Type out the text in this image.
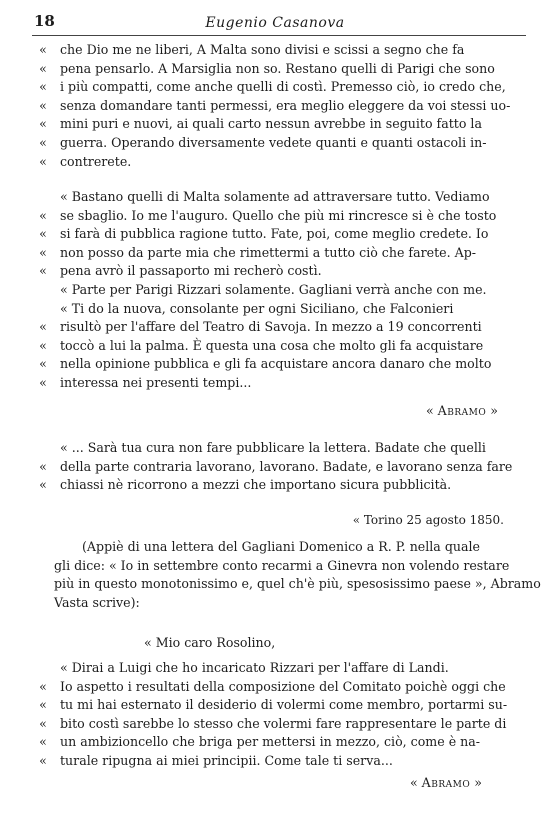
18	Eugenio Casanova
«	che Dio me ne liberi, A Malta sono divisi e scissi a segno che fa
«	pena pensarlo. A Marsiglia non so. Restano quelli di Parigi che sono
«	i più compatti, come anche quelli di costì. Premesso ciò, io credo che,
«	senza domandare tanti permessi, era meglio eleggere da voi stessi uo-
«	mini puri e nuovi, ai quali carto nessun avrebbe in seguito fatto la
«	guerra. Operando diversamente vedete quanti e quanti ostacoli in-
«	contrerete.
« Bastano quelli di Malta solamente ad attraversare tutto. Vediamo
«	se sbaglio. Io me l'auguro. Quello che più mi rincresce si è che tosto
«	si farà di pubblica ragione tutto. Fate, poi, come meglio credete. Io
«	non posso da parte mia che rimettermi a tutto ciò che farete. Ap-
«	pena avrò il passaporto mi recherò costì.
« Parte per Parigi Rizzari solamente. Gagliani verrà anche con me.
« Ti do la nuova, consolante per ogni Siciliano, che Falconieri
«	risultò per l'affare del Teatro di Savoja. In mezzo a 19 concorrenti
«	toccò a lui la palma. È questa una cosa che molto gli fa acquistare
«	nella opinione pubblica e gli fa acquistare ancora danaro che molto
«	interessa nei presenti tempi...
« Abramo »
« ... Sarà tua cura non fare pubblicare la lettera. Badate che quelli
«	della parte contraria lavorano, lavorano. Badate, e lavorano senza fare
«	chiassi nè ricorrono a mezzi che importano sicura pubblicità.
« Torino 25 agosto 1850.
(Appiè di una lettera del Gagliani Domenico a R. P. nella quale
gli dice: « Io in settembre conto recarmi a Ginevra non volendo restare
più in questo monotonissimo e, quel ch'è più, spesosissimo paese », Abramo
Vasta scrive):
« Mio caro Rosolino,
« Dirai a Luigi che ho incaricato Rizzari per l'affare di Landi.
«	Io aspetto i resultati della composizione del Comitato poichè oggi che
«	tu mi hai esternato il desiderio di volermi come membro, portarmi su-
«	bito costì sarebbe lo stesso che volermi fare rappresentare le parte di
«	un ambizioncello che briga per mettersi in mezzo, ciò, come è na-
«	turale ripugna ai miei principii. Come tale ti serva...
« Abramo »
